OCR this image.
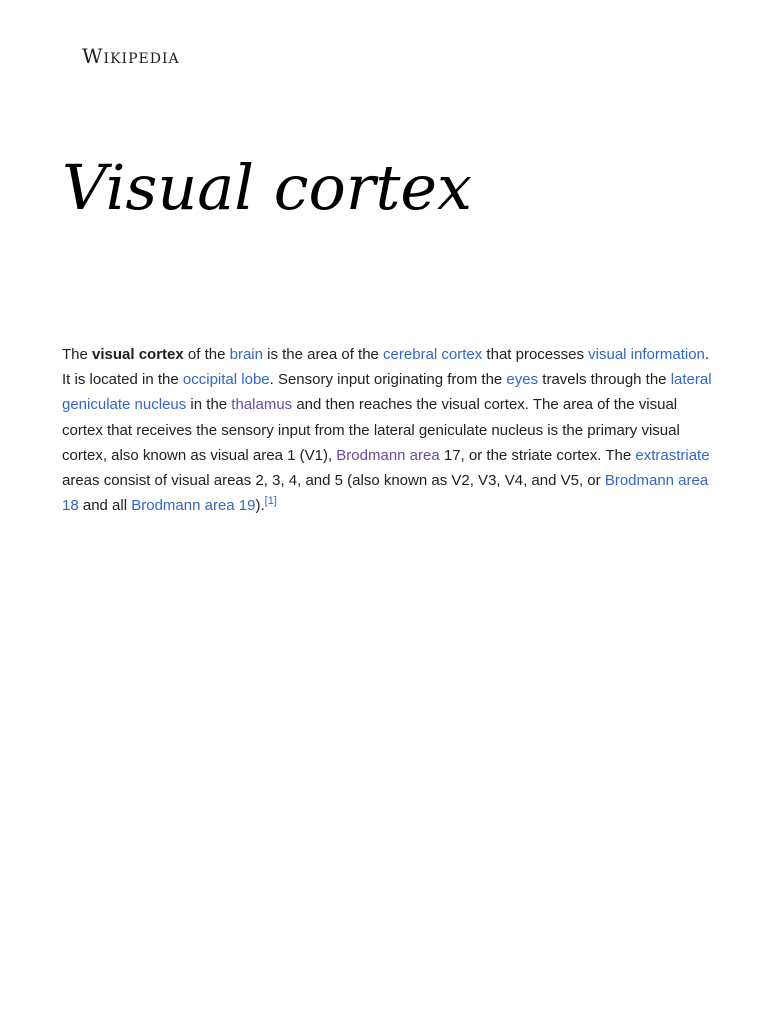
Wikipedia
Visual cortex

The visual cortex of the brain is the area of the cerebral cortex that processes visual information. It is located in the occipital lobe. Sensory input originating from the eyes travels through the lateral geniculate nucleus in the thalamus and then reaches the visual cortex. The area of the visual cortex that receives the sensory input from the lateral geniculate nucleus is the primary visual cortex, also known as visual area 1 (V1), Brodmann area 17, or the striate cortex. The extrastriate areas consist of visual areas 2, 3, 4, and 5 (also known as V2, V3, V4, and V5, or Brodmann area 18 and all Brodmann area 19).[1]
